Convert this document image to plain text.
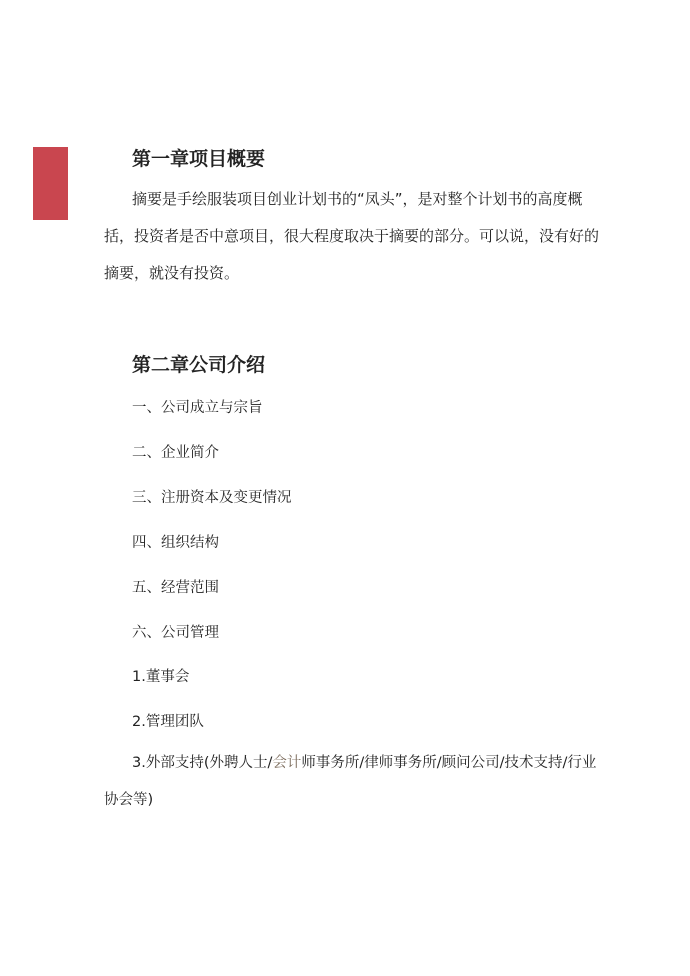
第一章项目概要

摘要是手绘服装项目创业计划书的“凤头”，是对整个计划书的高度概括，投资者是否中意项目，很大程度取决于摘要的部分。可以说，没有好的摘要，就没有投资。

第二章公司介绍
一、公司成立与宗旨
二、企业简介
三、注册资本及变更情况
四、组织结构
五、经营范围
六、公司管理
1.董事会
2.管理团队

3.外部支持(外聘人士/会计师事务所/律师事务所/顾问公司/技术支持/行业协会等)
